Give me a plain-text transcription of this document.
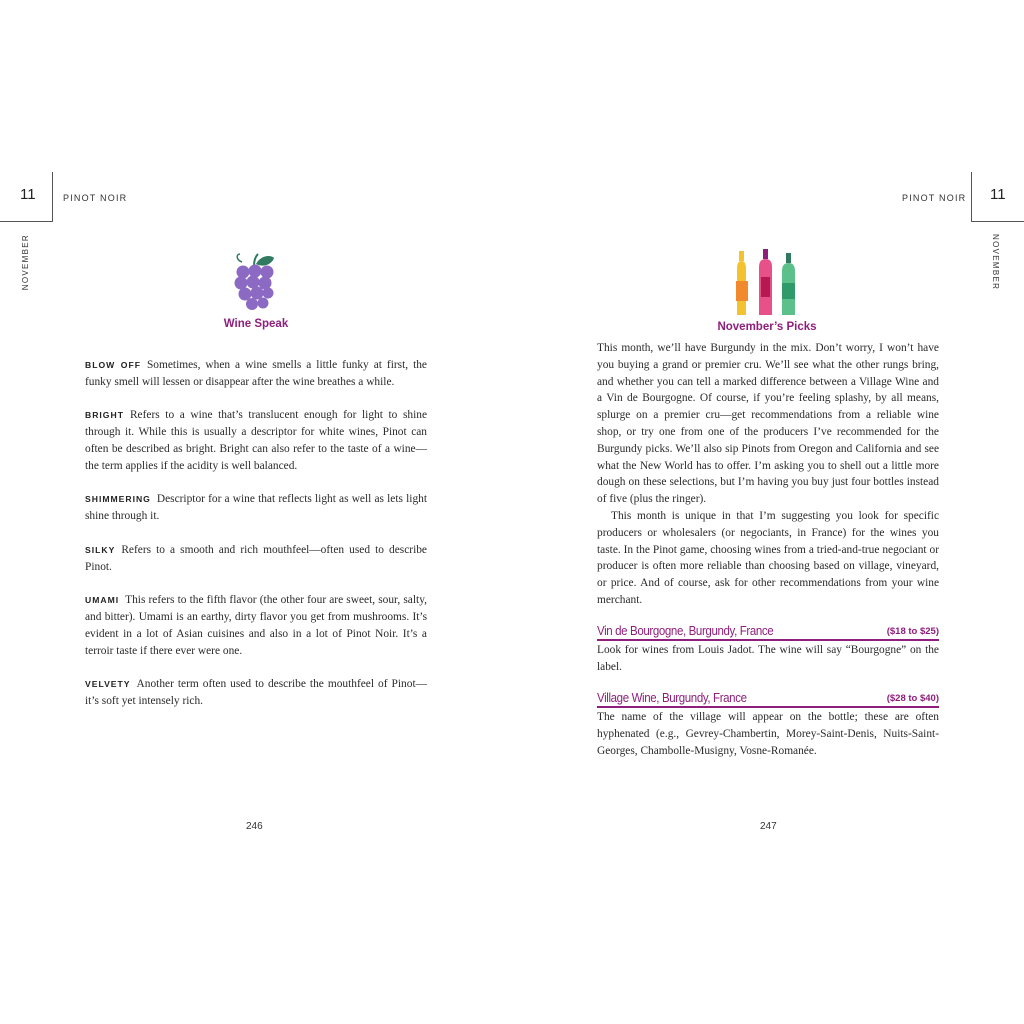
11	PINOT NOIR
NOVEMBER
Wine Speak

BLOW OFF Sometimes, when a wine smells a little funky at first, the funky smell will lessen or disappear after the wine breathes a while.

BRIGHT Refers to a wine that’s translucent enough for light to shine through it. While this is usually a descriptor for white wines, Pinot can often be described as bright. Bright can also refer to the taste of a wine—the term applies if the acidity is well balanced.

SHIMMERING Descriptor for a wine that reflects light as well as lets light shine through it.

SILKY Refers to a smooth and rich mouthfeel—often used to describe Pinot.

UMAMI This refers to the fifth flavor (the other four are sweet, sour, salty, and bitter). Umami is an earthy, dirty flavor you get from mushrooms. It’s evident in a lot of Asian cuisines and also in a lot of Pinot Noir. It’s a terroir taste if there ever were one.

VELVETY Another term often used to describe the mouthfeel of Pinot—it’s soft yet intensely rich.

246
PINOT NOIR 11
NOVEMBER
November’s Picks

This month, we’ll have Burgundy in the mix. Don’t worry, I won’t have you buying a grand or premier cru. We’ll see what the other rungs bring, and whether you can tell a marked difference between a Village Wine and a Vin de Bourgogne. Of course, if you’re feeling splashy, by all means, splurge on a premier cru—get recommendations from a reliable wine shop, or try one from one of the producers I’ve recommended for the Burgundy picks. We’ll also sip Pinots from Oregon and California and see what the New World has to offer. I’m asking you to shell out a little more dough on these selections, but I’m having you buy just four bottles instead of five (plus the ringer).

This month is unique in that I’m suggesting you look for specific producers or wholesalers (or negociants, in France) for the wines you taste. In the Pinot game, choosing wines from a tried-and-true negociant or producer is often more reliable than choosing based on village, vineyard, or price. And of course, ask for other recommendations from your wine merchant.

Vin de Bourgogne, Burgundy, France	($18 to $25)
Look for wines from Louis Jadot. The wine will say “Bourgogne” on the label.
Village Wine, Burgundy, France	($28 to $40)
The name of the village will appear on the bottle; these are often hyphenated (e.g., Gevrey-Chambertin, Morey-Saint-Denis, Nuits-Saint-Georges, Chambolle-Musigny, Vosne-Romanée.
247
